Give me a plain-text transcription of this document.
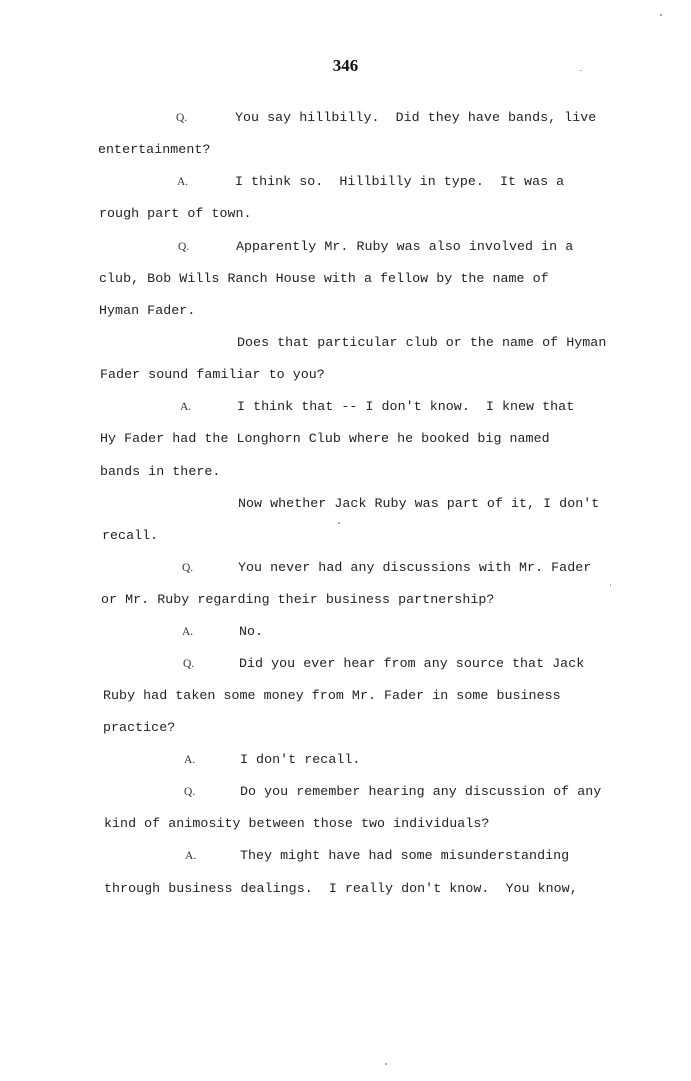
346
Q.	You say hillbilly.  Did they have bands, live
entertainment?
A.	I think so.  Hillbilly in type.  It was a
rough part of town.
Q.	Apparently Mr. Ruby was also involved in a
club, Bob Wills Ranch House with a fellow by the name of
Hyman Fader.
Does that particular club or the name of Hyman
Fader sound familiar to you?
A.	I think that -- I don't know.  I knew that
Hy Fader had the Longhorn Club where he booked big named
bands in there.
Now whether Jack Ruby was part of it, I don't
recall.
Q.	You never had any discussions with Mr. Fader
or Mr. Ruby regarding their business partnership?
A.	No.
Q.	Did you ever hear from any source that Jack
Ruby had taken some money from Mr. Fader in some business
practice?
A.	I don't recall.
Q.	Do you remember hearing any discussion of any
kind of animosity between those two individuals?
A.	They might have had some misunderstanding
through business dealings.  I really don't know.  You know,
